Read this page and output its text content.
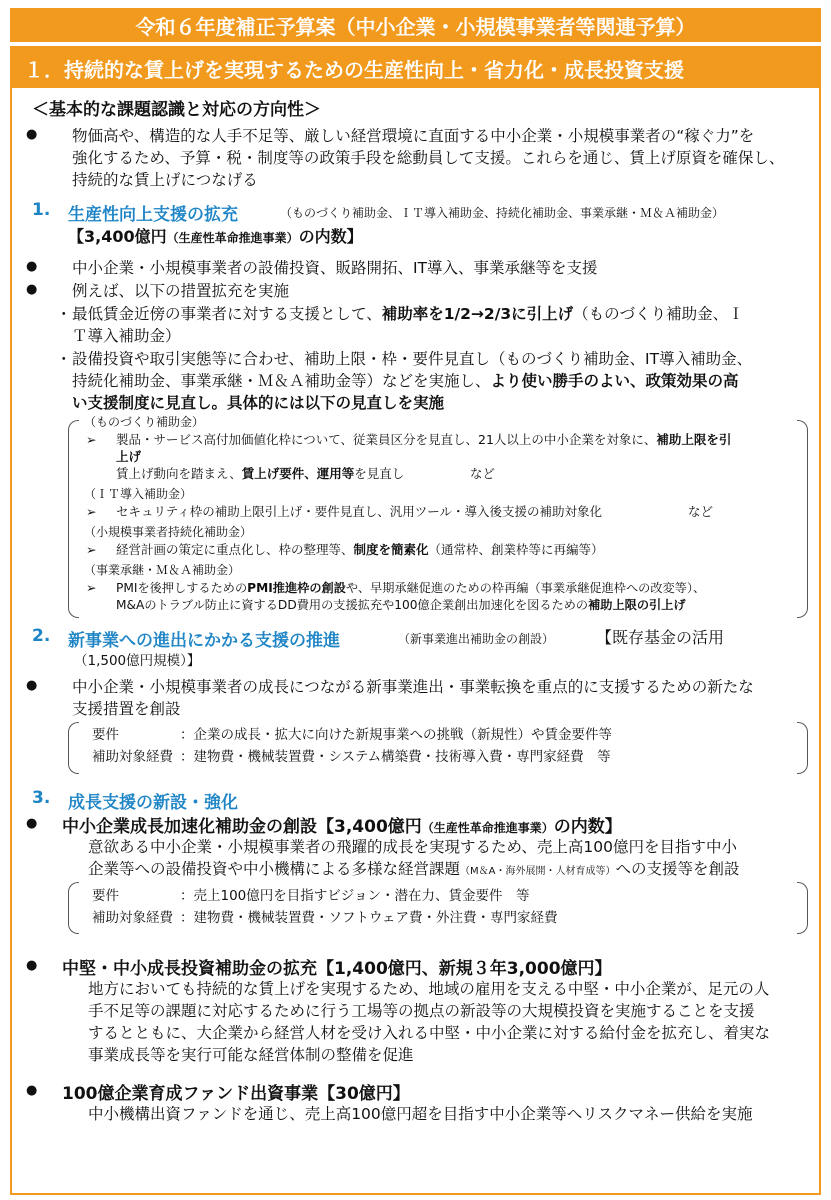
令和６年度補正予算案（中小企業・小規模事業者等関連予算）
１．持続的な賃上げを実現するための生産性向上・省力化・成長投資支援
＜基本的な課題認識と対応の方向性＞
● 物価高や、構造的な人手不足等、厳しい経営環境に直面する中小企業・小規模事業者の“稼ぐ力”を
強化するため、予算・税・制度等の政策手段を総動員して支援。これらを通じ、賃上げ原資を確保し、
持続的な賃上げにつなげる
1. 生産性向上支援の拡充	（ものづくり補助金、ＩＴ導入補助金、持続化補助金、事業承継・Ｍ＆Ａ補助金）
【3,400億円（生産性革命推進事業）の内数】
● 中小企業・小規模事業者の設備投資、販路開拓、IT導入、事業承継等を支援
● 例えば、以下の措置拡充を実施
・ 最低賃金近傍の事業者に対する支援として、補助率を1/2→2/3に引上げ（ものづくり補助金、Ｉ
Ｔ導入補助金）
・ 設備投資や取引実態等に合わせ、補助上限・枠・要件見直し（ものづくり補助金、IT導入補助金、
持続化補助金、事業承継・Ｍ＆Ａ補助金等）などを実施し、より使い勝手のよい、政策効果の高
い支援制度に見直し。具体的には以下の見直しを実施
（ものづくり補助金）
➢ 製品・サービス高付加価値化枠について、従業員区分を見直し、21人以上の中小企業を対象に、補助上限を引
上げ
賃上げ動向を踏まえ、賃上げ要件、運用等を見直し	など
（ＩＴ導入補助金）
➢ セキュリティ枠の補助上限引上げ・要件見直し、汎用ツール・導入後支援の補助対象化	など
（小規模事業者持続化補助金）
➢ 経営計画の策定に重点化し、枠の整理等、制度を簡素化（通常枠、創業枠等に再編等）
（事業承継・Ｍ＆Ａ補助金）
➢ PMIを後押しするためのPMI推進枠の創設や、早期承継促進のための枠再編（事業承継促進枠への改変等）、
M&Aのトラブル防止に資するDD費用の支援拡充や100億企業創出加速化を図るための補助上限の引上げ
2. 新事業への進出にかかる支援の推進	（新事業進出補助金の創設）	【既存基金の活用
（1,500億円規模）】
● 中小企業・小規模事業者の成長につながる新事業進出・事業転換を重点的に支援するための新たな
支援措置を創設
要件	：企業の成長・拡大に向けた新規事業への挑戦（新規性）や賃金要件等
補助対象経費 ：建物費・機械装置費・システム構築費・技術導入費・専門家経費　等
3. 成長支援の新設・強化
● 中小企業成長加速化補助金の創設【3,400億円（生産性革命推進事業）の内数】
意欲ある中小企業・小規模事業者の飛躍的成長を実現するため、売上高100億円を目指す中小
企業等への設備投資や中小機構による多様な経営課題（M＆A・海外展開・人材育成等）への支援等を創設
要件	：売上100億円を目指すビジョン・潜在力、賃金要件　等
補助対象経費 ：建物費・機械装置費・ソフトウェア費・外注費・専門家経費
● 中堅・中小成長投資補助金の拡充【1,400億円、新規３年3,000億円】
地方においても持続的な賃上げを実現するため、地域の雇用を支える中堅・中小企業が、足元の人
手不足等の課題に対応するために行う工場等の拠点の新設等の大規模投資を実施することを支援
するとともに、大企業から経営人材を受け入れる中堅・中小企業に対する給付金を拡充し、着実な
事業成長等を実行可能な経営体制の整備を促進
● 100億企業育成ファンド出資事業【30億円】
中小機構出資ファンドを通じ、売上高100億円超を目指す中小企業等へリスクマネー供給を実施
